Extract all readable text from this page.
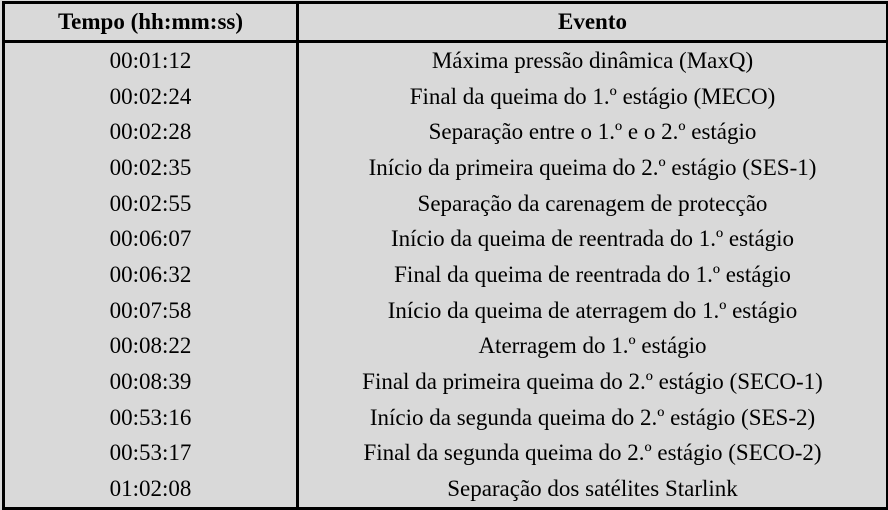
Tempo (hh:mm:ss)	Evento
00:01:12	Máxima pressão dinâmica (MaxQ)
00:02:24	Final da queima do 1.º estágio (MECO)
00:02:28	Separação entre o 1.º e o 2.º estágio
00:02:35	Início da primeira queima do 2.º estágio (SES-1)
00:02:55	Separação da carenagem de protecção
00:06:07	Início da queima de reentrada do 1.º estágio
00:06:32	Final da queima de reentrada do 1.º estágio
00:07:58	Início da queima de aterragem do 1.º estágio
00:08:22	Aterragem do 1.º estágio
00:08:39	Final da primeira queima do 2.º estágio (SECO-1)
00:53:16	Início da segunda queima do 2.º estágio (SES-2)
00:53:17	Final da segunda queima do 2.º estágio (SECO-2)
01:02:08	Separação dos satélites Starlink
